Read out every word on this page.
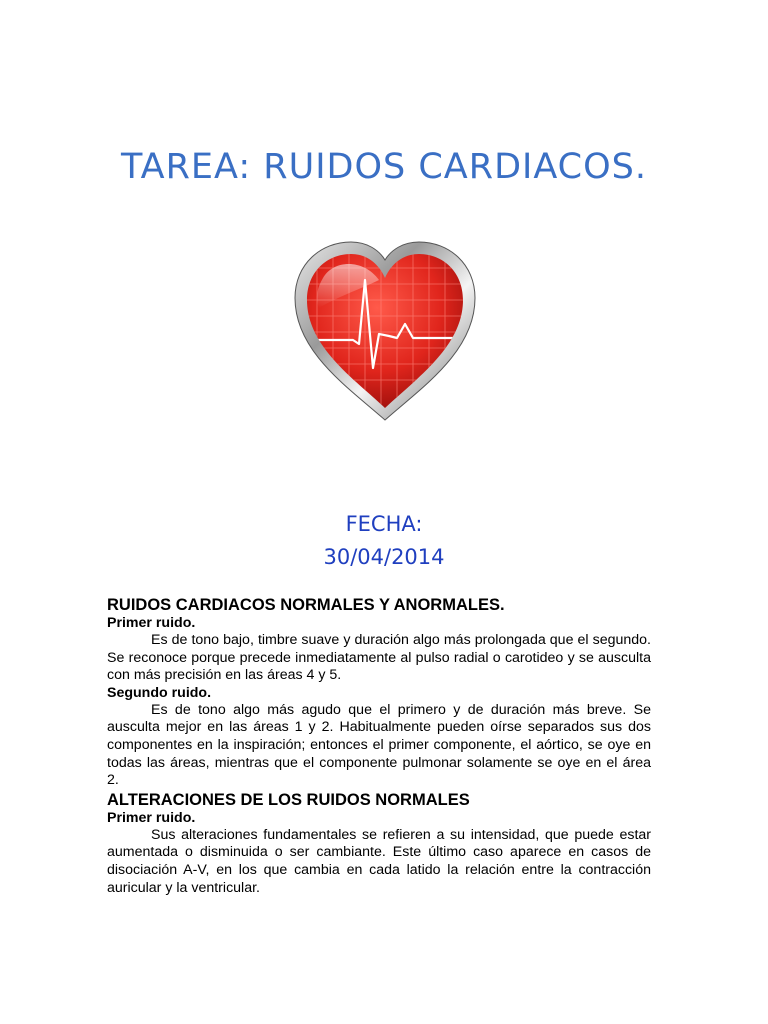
TAREA: RUIDOS CARDIACOS.
FECHA:
30/04/2014
RUIDOS CARDIACOS NORMALES Y ANORMALES.
Primer ruido.

Es de tono bajo, timbre suave y duración algo más prolongada que el segundo. Se reconoce porque precede inmediatamente al pulso radial o carotideo y se ausculta con más precisión en las áreas 4 y 5.

Segundo ruido.

Es de tono algo más agudo que el primero y de duración más breve. Se ausculta mejor en las áreas 1 y 2. Habitualmente pueden oírse separados sus dos componentes en la inspiración; entonces el primer componente, el aórtico, se oye en todas las áreas, mientras que el componente pulmonar solamente se oye en el área 2.

ALTERACIONES DE LOS RUIDOS NORMALES
Primer ruido.

Sus alteraciones fundamentales se refieren a su intensidad, que puede estar aumentada o disminuida o ser cambiante. Este último caso aparece en casos de disociación A-V, en los que cambia en cada latido la relación entre la contracción auricular y la ventricular.
